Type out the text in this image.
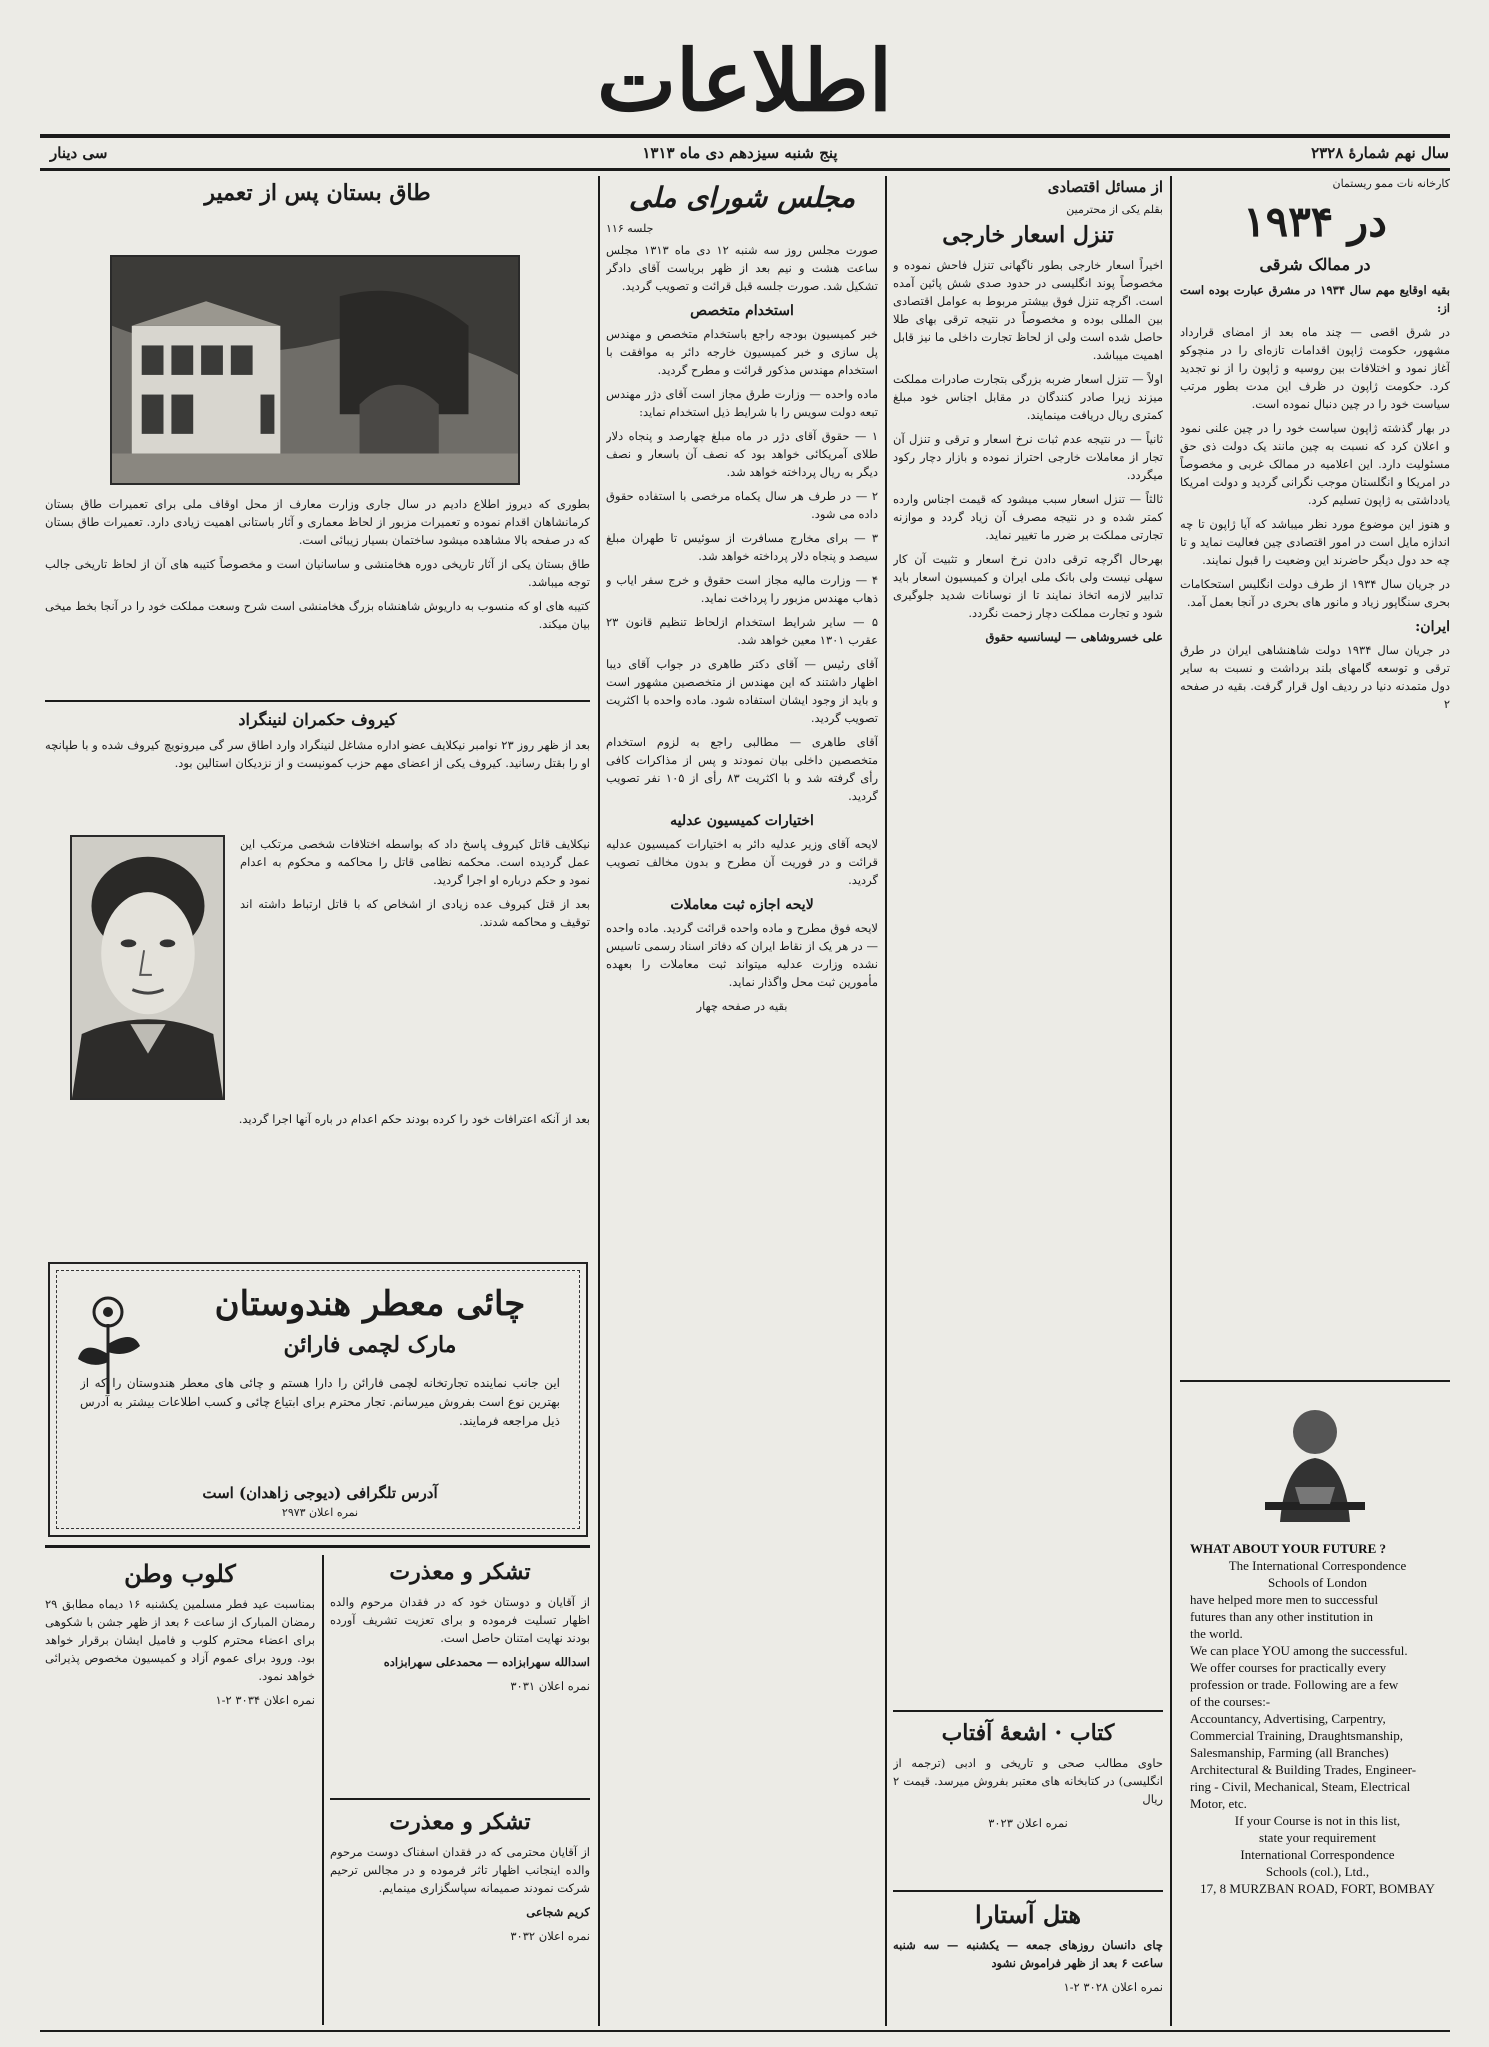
اطلاعات
سال نهم شمارۀ ۲۳۲۸
پنج شنبه سیزدهم دی ماه ۱۳۱۳
سی دینار
کارخانه نات ممو ریستمان
در ۱۹۳۴
در ممالک شرقی

بقیه اوقایع مهم سال ۱۹۳۴ در مشرق عبارت بوده است از:

در شرق اقصی — چند ماه بعد از امضای قرارداد مشهور، حکومت ژاپون اقدامات تازه‌ای را در منچوکو آغاز نمود و اختلافات بین روسیه و ژاپون را از نو تجدید کرد. حکومت ژاپون در ظرف این مدت بطور مرتب سیاست خود را در چین دنبال نموده است.

در بهار گذشته ژاپون سیاست خود را در چین علنی نمود و اعلان کرد که نسبت به چین مانند یک دولت ذی حق مسئولیت دارد. این اعلامیه در ممالک غربی و مخصوصاً در امریکا و انگلستان موجب نگرانی گردید و دولت امریکا یادداشتی به ژاپون تسلیم کرد.

و هنوز این موضوع مورد نظر میباشد که آیا ژاپون تا چه اندازه مایل است در امور اقتصادی چین فعالیت نماید و تا چه حد دول دیگر حاضرند این وضعیت را قبول نمایند.

در جریان سال ۱۹۳۴ از طرف دولت انگلیس استحکامات بحری سنگاپور زیاد و مانور های بحری در آنجا بعمل آمد.

ایران:

در جریان سال ۱۹۳۴ دولت شاهنشاهی ایران در طرق ترقی و توسعه گامهای بلند برداشت و نسبت به سایر دول متمدنه دنیا در ردیف اول قرار گرفت. بقیه در صفحه ۲

WHAT ABOUT YOUR FUTURE ?
The International Correspondence
Schools of London
have helped more men to successful
futures than any other institution in
the world.
We can place YOU among the successful.
We offer courses for practically every
profession or trade. Following are a few
of the courses:-
Accountancy, Advertising, Carpentry,
Commercial Training, Draughtsmanship,
Salesmanship, Farming (all Branches)
Architectural & Building Trades, Engineer-
ring - Civil, Mechanical, Steam, Electrical
Motor, etc.
If your Course is not in this list,
state your requirement
International Correspondence
Schools (col.), Ltd.,
17, 8 MURZBAN ROAD, FORT, BOMBAY
از مسائل اقتصادی
بقلم یکی از محترمین
تنزل اسعار خارجی

اخیراً اسعار خارجی بطور ناگهانی تنزل فاحش نموده و مخصوصاً پوند انگلیسی در حدود صدی شش پائین آمده است. اگرچه تنزل فوق بیشتر مربوط به عوامل اقتصادی بین المللی بوده و مخصوصاً در نتیجه ترقی بهای طلا حاصل شده است ولی از لحاظ تجارت داخلی ما نیز قابل اهمیت میباشد.

اولاً — تنزل اسعار ضربه بزرگی بتجارت صادرات مملکت میزند زیرا صادر کنندگان در مقابل اجناس خود مبلغ کمتری ریال دریافت مینمایند.

ثانیاً — در نتیجه عدم ثبات نرخ اسعار و ترقی و تنزل آن تجار از معاملات خارجی احتراز نموده و بازار دچار رکود میگردد.

ثالثاً — تنزل اسعار سبب میشود که قیمت اجناس وارده کمتر شده و در نتیجه مصرف آن زیاد گردد و موازنه تجارتی مملکت بر ضرر ما تغییر نماید.

بهرحال اگرچه ترقی دادن نرخ اسعار و تثبیت آن کار سهلی نیست ولی بانک ملی ایران و کمیسیون اسعار باید تدابیر لازمه اتخاذ نمایند تا از نوسانات شدید جلوگیری شود و تجارت مملکت دچار زحمت نگردد.

علی خسروشاهی — لیسانسیه حقوق

کتاب · اشعۀ آفتاب

حاوی مطالب صحی و تاریخی و ادبی (ترجمه از انگلیسی) در کتابخانه های معتبر بفروش میرسد. قیمت ۲ ریال

نمره اعلان ۳۰۲۳

هتل آستارا

چای دانسان روزهای جمعه — یکشنبه — سه شنبه ساعت ۶ بعد از ظهر فراموش نشود

نمره اعلان ۳۰۲۸ ۲-۱

مجلس شورای ملی
جلسه ۱۱۶

صورت مجلس روز سه شنبه ۱۲ دی ماه ۱۳۱۳ مجلس ساعت هشت و نیم بعد از ظهر بریاست آقای دادگر تشکیل شد. صورت جلسه قبل قرائت و تصویب گردید.

استخدام متخصص

خبر کمیسیون بودجه راجع باستخدام متخصص و مهندس پل سازی و خبر کمیسیون خارجه دائر به موافقت با استخدام مهندس مذکور قرائت و مطرح گردید.

ماده واحده — وزارت طرق مجاز است آقای دژر مهندس تبعه دولت سویس را با شرایط ذیل استخدام نماید:

۱ — حقوق آقای دژر در ماه مبلغ چهارصد و پنجاه دلار طلای آمریکائی خواهد بود که نصف آن باسعار و نصف دیگر به ریال پرداخته خواهد شد.

۲ — در طرف هر سال یکماه مرخصی با استفاده حقوق داده می شود.

۳ — برای مخارج مسافرت از سوئیس تا طهران مبلغ سیصد و پنجاه دلار پرداخته خواهد شد.

۴ — وزارت مالیه مجاز است حقوق و خرج سفر ایاب و ذهاب مهندس مزبور را پرداخت نماید.

۵ — سایر شرایط استخدام ازلحاظ تنظیم قانون ۲۳ عقرب ۱۳۰۱ معین خواهد شد.

آقای رئیس — آقای دکتر طاهری در جواب آقای دیبا اظهار داشتند که این مهندس از متخصصین مشهور است و باید از وجود ایشان استفاده شود. ماده واحده با اکثریت تصویب گردید.

آقای طاهری — مطالبی راجع به لزوم استخدام متخصصین داخلی بیان نمودند و پس از مذاکرات کافی رأی گرفته شد و با اکثریت ۸۳ رأی از ۱۰۵ نفر تصویب گردید.

اختیارات کمیسیون عدلیه

لایحه آقای وزیر عدلیه دائر به اختیارات کمیسیون عدلیه قرائت و در فوریت آن مطرح و بدون مخالف تصویب گردید.

لایحه اجازه ثبت معاملات

لایحه فوق مطرح و ماده واحده قرائت گردید. ماده واحده — در هر یک از نقاط ایران که دفاتر اسناد رسمی تاسیس نشده وزارت عدلیه میتواند ثبت معاملات را بعهده مأمورین ثبت محل واگذار نماید.

بقیه در صفحه چهار

طاق بستان پس از تعمیر

بطوری که دیروز اطلاع دادیم در سال جاری وزارت معارف از محل اوقاف ملی برای تعمیرات طاق بستان کرمانشاهان اقدام نموده و تعمیرات مزبور از لحاظ معماری و آثار باستانی اهمیت زیادی دارد. تعمیرات طاق بستان که در صفحه بالا مشاهده میشود ساختمان بسیار زیبائی است.

طاق بستان یکی از آثار تاریخی دوره هخامنشی و ساسانیان است و مخصوصاً کتیبه های آن از لحاظ تاریخی جالب توجه میباشد.

کتیبه های او که منسوب به داریوش شاهنشاه بزرگ هخامنشی است شرح وسعت مملکت خود را در آنجا بخط میخی بیان میکند.

کیروف حکمران لنینگراد

بعد از ظهر روز ۲۳ نوامبر نیکلایف عضو اداره مشاغل لنینگراد وارد اطاق سر گی میرونویچ کیروف شده و با طپانچه او را بقتل رسانید. کیروف یکی از اعضای مهم حزب کمونیست و از نزدیکان استالین بود.

نیکلایف قاتل کیروف پاسخ داد که بواسطه اختلافات شخصی مرتکب این عمل گردیده است. محکمه نظامی قاتل را محاکمه و محکوم به اعدام نمود و حکم درباره او اجرا گردید.

بعد از قتل کیروف عده زیادی از اشخاص که با قاتل ارتباط داشته اند توقیف و محاکمه شدند.

بعد از آنکه اعترافات خود را کرده بودند حکم اعدام در باره آنها اجرا گردید.

چائی معطر هندوستان
مارک لچمی فارائن

این جانب نماینده تجارتخانه لچمی فارائن را دارا هستم و چائی های معطر هندوستان را که از بهترین نوع است بفروش میرسانم. تجار محترم برای ابتیاع چائی و کسب اطلاعات بیشتر به آدرس ذیل مراجعه فرمایند.

آدرس تلگرافی (دیوجی زاهدان) است
نمره اعلان ۲۹۷۳
تشکر و معذرت

از آقایان و دوستان خود که در فقدان مرحوم والده اظهار تسلیت فرموده و برای تعزیت تشریف آورده بودند نهایت امتنان حاصل است.

اسدالله سهرابزاده — محمدعلی سهرابزاده

نمره اعلان ۳۰۳۱

تشکر و معذرت

از آقایان محترمی که در فقدان اسفناک دوست مرحوم والده اینجانب اظهار تاثر فرموده و در مجالس ترحیم شرکت نمودند صمیمانه سپاسگزاری مینمایم.

کریم شجاعی

نمره اعلان ۳۰۳۲

کلوب وطن

بمناسبت عید فطر مسلمین یکشنبه ۱۶ دیماه مطابق ۲۹ رمضان المبارک از ساعت ۶ بعد از ظهر جشن با شکوهی برای اعضاء محترم کلوب و فامیل ایشان برقرار خواهد بود. ورود برای عموم آزاد و کمیسیون مخصوص پذیرائی خواهد نمود.

نمره اعلان ۳۰۳۴ ۲-۱
